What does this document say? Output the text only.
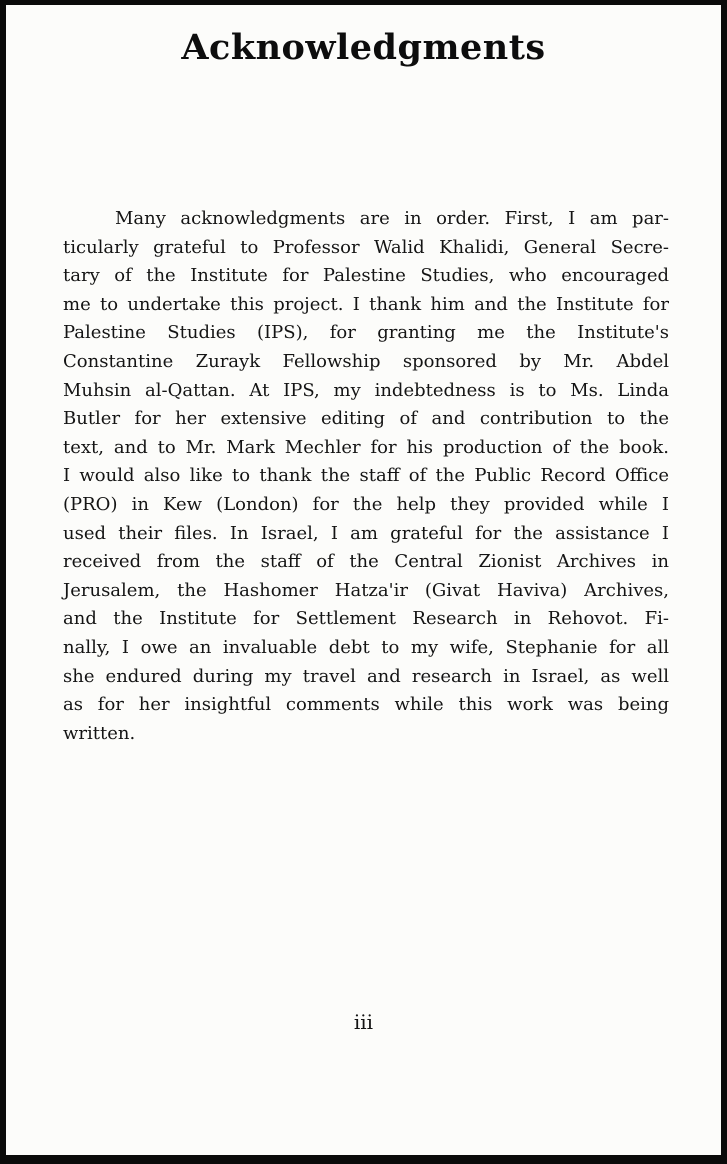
Acknowledgments
Many acknowledgments are in order. First, I am par-
ticularly grateful to Professor Walid Khalidi, General Secre-
tary of the Institute for Palestine Studies, who encouraged
me to undertake this project. I thank him and the Institute for
Palestine Studies (IPS), for granting me the Institute's
Constantine Zurayk Fellowship sponsored by Mr. Abdel
Muhsin al-Qattan. At IPS, my indebtedness is to Ms. Linda
Butler for her extensive editing of and contribution to the
text, and to Mr. Mark Mechler for his production of the book.
I would also like to thank the staff of the Public Record Office
(PRO) in Kew (London) for the help they provided while I
used their files. In Israel, I am grateful for the assistance I
received from the staff of the Central Zionist Archives in
Jerusalem, the Hashomer Hatza'ir (Givat Haviva) Archives,
and the Institute for Settlement Research in Rehovot. Fi-
nally, I owe an invaluable debt to my wife, Stephanie for all
she endured during my travel and research in Israel, as well
as for her insightful comments while this work was being
written.
iii
